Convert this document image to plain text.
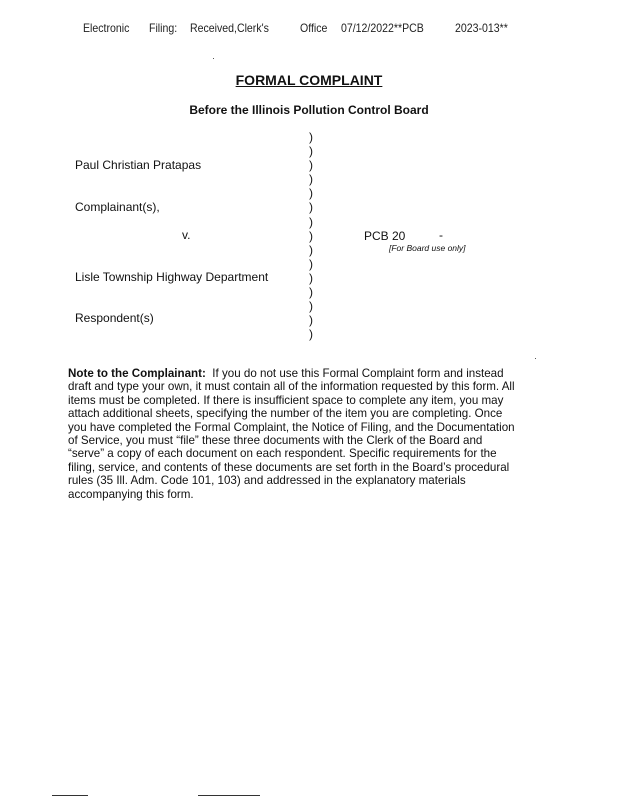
Electronic Filing: Received,Clerk's	Office 07/12/2022**PCB	2023-013**
FORMAL COMPLAINT
Before the Illinois Pollution Control Board
Paul Christian Pratapas
Complainant(s),
v.
Lisle Township Highway Department
Respondent(s)
)
)
)
)
)
)
)
)
)
)
)
)
)
)
)
PCB 20	-
[For Board use only]
Note to the Complainant: If you do not use this Formal Complaint form and instead
draft and type your own, it must contain all of the information requested by this form. All
items must be completed. If there is insufficient space to complete any item, you may
attach additional sheets, specifying the number of the item you are completing. Once
you have completed the Formal Complaint, the Notice of Filing, and the Documentation
of Service, you must “file” these three documents with the Clerk of the Board and
“serve” a copy of each document on each respondent. Specific requirements for the
filing, service, and contents of these documents are set forth in the Board’s procedural
rules (35 Ill. Adm. Code 101, 103) and addressed in the explanatory materials
accompanying this form.
